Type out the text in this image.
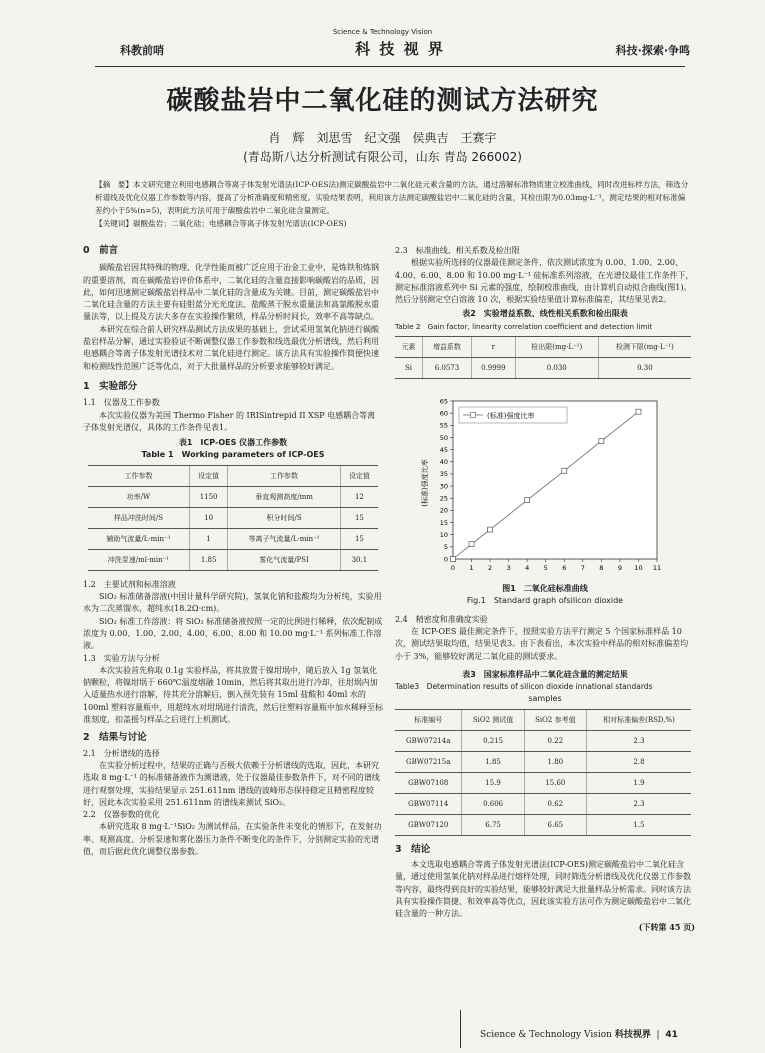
Science & Technology Vision
科教前哨	科 技 视 界	科技·探索·争鸣
碳酸盐岩中二氧化硅的测试方法研究
肖　辉　刘思雪　纪文强　侯典吉　王赛宇
(青岛斯八达分析测试有限公司，山东 青岛 266002)
【摘　要】本文研究建立利用电感耦合等离子体发射光谱法(ICP-OES法)测定碳酸盐岩中二氧化硅元素含量的方法，通过溶解标准物质建立校准曲线，同时改进标样方法，筛选分析谱线及优化仪器工作参数等内容，提高了分析准确度和精密度。实验结果表明，利用该方法测定碳酸盐岩中二氧化硅的含量，其检出限为0.03mg·L⁻¹，测定结果的相对标准偏差约小于5%(n=5)，表明此方法可用于碳酸盐岩中二氧化硅含量测定。
【关键词】碳酸盐岩；二氧化硅；电感耦合等离子体发射光谱法(ICP-OES)
0　前言

碳酸盐岩因其特殊的物理、化学性能而被广泛应用于冶金工业中，是炼铁和炼钢的重要溶剂，而在碳酸盐岩评价体系中，二氧化硅的含量直接影响碳酸岩的品质，因此，如何迅速测定碳酸盐岩样品中二氧化硅的含量成为关键。目前，测定碳酸盐岩中二氧化硅含量的方法主要有硅钼蓝分光光度法、盐酸蒸干脱水重量法和高氯酸脱水重量法等，以上提及方法大多存在实验操作繁琐，样品分析时间长，效率不高等缺点。

本研究在综合前人研究样品测试方法成果的基础上，尝试采用氢氧化钠进行碳酸盐岩样品分解，通过实验验证不断调整仪器工作参数和线选最优分析谱线，然后利用电感耦合等离子体发射光谱技术对二氧化硅进行测定。该方法具有实验操作简便快速和检测线性范围广泛等优点，对于大批量样品的分析要求能够较好满足。

1　实验部分
1.1　仪器及工作参数

本次实验仪器为美国 Thermo Fisher 的 IRISintrepid II XSP 电感耦合等离子体发射光谱仪，具体的工作条件见表1。

表1　ICP-OES 仪器工作参数
Table 1　Working parameters of ICP-OES
工作参数	设定值	工作参数	设定值
功率/W	1150	垂直观测高度/mm	12
样品冲洗时间/S	10	积分时间/S	15
辅助气流量/L·min⁻¹	1	等离子气流量/L·min⁻¹	15
冲洗泵速/ml·min⁻¹	1.85	雾化气流量/PSI	30.1
1.2　主要试剂和标准溶液

SiO₂ 标准储备溶液(中国计量科学研究院)，氢氧化钠和盐酸均为分析纯，实验用水为二次蒸馏水，超纯水(18.2Ω·cm)。

SiO₂ 标准工作溶液：将 SiO₂ 标准储备液按照一定的比例进行稀释，依次配制成浓度为 0.00、1.00、2.00、4.00、6.00、8.00 和 10.00 mg·L⁻¹ 系列标准工作溶液。

1.3　实验方法与分析

本次实验首先称取 0.1g 实验样品，将其放置于镍坩埚中，随后放入 1g 氢氧化钠颗粒，将镍坩埚于 660℃温度熔融 10min，然后将其取出进行冷却，往坩埚内加入适量热水进行溶解，待其充分溶解后，倒入预先装有 15ml 盐酸和 40ml 水的 100ml 塑料容量瓶中，用超纯水对坩埚进行清洗，然后往塑料容量瓶中加水稀释至标准刻度，扣盖摇匀样品之后进行上机测试。

2　结果与讨论
2.1　分析谱线的选择

在实验分析过程中，结果的正确与否极大依赖于分析谱线的选取，因此，本研究选取 8 mg·L⁻¹ 的标准储备液作为测谱液，处于仪器最佳参数条件下，对不同的谱线进行观察处理，实验结果显示 251.611nm 谱线的波峰形态保持稳定且精密程度较好，因此本次实验采用 251.611nm 的谱线来测试 SiO₂。

2.2　仪器参数的优化

本研究选取 8 mg·L⁻¹SiO₂ 为测试样品，在实验条件未变化的情形下，在发射功率、观测高度、分析泵速和雾化器压力条件不断变化的条件下，分别测定实验的光谱值，而后据此优化调整仪器参数。

2.3　标准曲线、相关系数及检出限

根据实验所选择的仪器最佳测定条件，依次测试浓度为 0.00、1.00、2.00、4.00、6.00、8.00 和 10.00 mg·L⁻¹ 硅标准系列溶液，在光谱仪最佳工作条件下，测定标准溶液系列中 Si 元素的强度，绘制校准曲线，由计算机自动拟合曲线(图1)。然后分别测定空白溶液 10 次，根据实验结果值计算标准偏差，其结果见表2。

表2　实验增益系数、线性相关系数和检出限表
Table 2　Gain factor, linearity correlation coefficient and detection limit
元素	增益系数	r	检出限(mg·L⁻¹)	检测下限(mg·L⁻¹)
Si	6.0573	0.9999	0.030	0.30
0
5
10
15
20
25
30
35
40
45
50
55
60
65
0 1 2 3 4 5 6 7 8 9 10 11
(标准)强度比率
(标准)强度比率
图1　二氧化硅标准曲线
Fig.1　Standard graph ofsilicon dioxide
2.4　精密度和准确度实验

在 ICP-OES 最佳测定条件下，按照实验方法平行测定 5 个国家标准样品 10 次，测试结果取均值，结果见表3。由下表看出，本次实验中样品的相对标准偏差均小于 3%，能够较好满足二氧化硅的测试要求。

表3　国家标准样品中二氧化硅含量的测定结果
Table3　Determination results of silicon dioxide innational standards
samples
标准编号	SiO2 测试值	SiO2 参考值	相对标准偏差(RSD,%)
GBW07214a	0.215	0.22	2.3
GBW07215a	1.85	1.80	2.8
GBW07108	15.9	15.60	1.9
GBW07114	0.606	0.62	2.3
GBW07120	6.75	6.65	1.5
3　结论

本文选取电感耦合等离子体发射光谱法(ICP-OES)测定碳酸盐岩中二氧化硅含量，通过使用氢氧化钠对样品进行熔样处理，同时筛选分析谱线及优化仪器工作参数等内容，最终得到良好的实验结果，能够较好满足大批量样品分析需求。同时该方法具有实验操作简捷、和效率高等优点，因此该实验方法可作为测定碳酸盐岩中二氧化硅含量的一种方法。

(下转第 45 页)
Science & Technology Vision 科技视界  |  41
